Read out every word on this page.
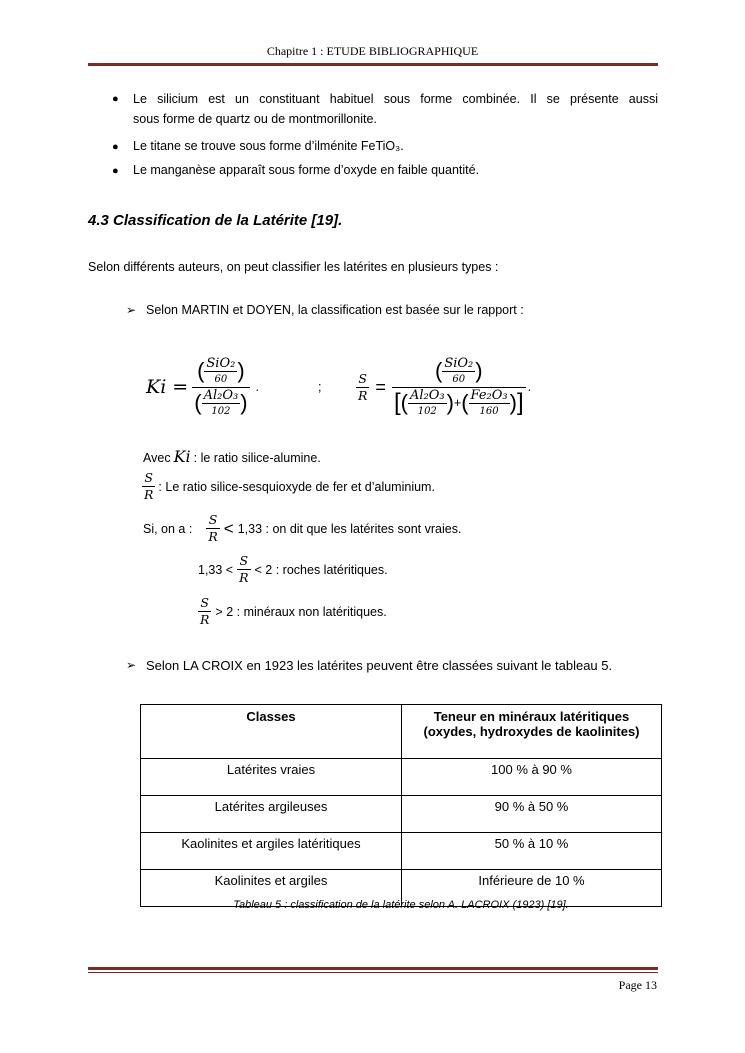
Chapitre 1 : ETUDE BIBLIOGRAPHIQUE
● Le silicium est un constituant habituel sous forme combinée. Il se présente aussi
sous forme de quartz ou de montmorillonite.
● Le titane se trouve sous forme d’ilménite FeTiO₃.
● Le manganèse apparaît sous forme d’oxyde en faible quantité.
4.3 Classification de la Latérite [19].
Selon différents auteurs, on peut classifier les latérites en plusieurs types :
➢ Selon MARTIN et DOYEN, la classification est basée sur le rapport :
$Ki = \frac{( \frac{\text{SiO₂}}{60} )}{( \frac{\text{Al₂O₃}}{102} )}$ .	;	$\frac{S}{R}$ =
( $\frac{\text{SiO₂}}{60}$ )
[ ( $\frac{\text{Al₂O₃}}{102}$ ) + ( $\frac{\text{Fe₂O₃}}{160}$ ) ]
.
Avec Ki : le ratio silice-alumine.
$\frac{S}{R}$ : Le ratio silice-sesquioxyde de fer et d’aluminium.
Si, on a : $\frac{S}{R} < 1,33$ : on dit que les latérites sont vraies.
$1,33 < \frac{S}{R} < 2$ : roches latéritiques.
$\frac{S}{R} > 2$ : minéraux non latéritiques.
➢ Selon LA CROIX en 1923 les latérites peuvent être classées suivant le tableau 5.
Classes	Teneur en minéraux latéritiques
(oxydes, hydroxydes de kaolinites)

Latérites vraies	100 % à 90 %
Latérites argileuses	90 % à 50 %
Kaolinites et argiles latéritiques	50 % à 10 %
Kaolinites et argiles	Inférieure de 10 %
Tableau 5 : classification de la latérite selon A. LACROIX (1923) [19].
Page 13
